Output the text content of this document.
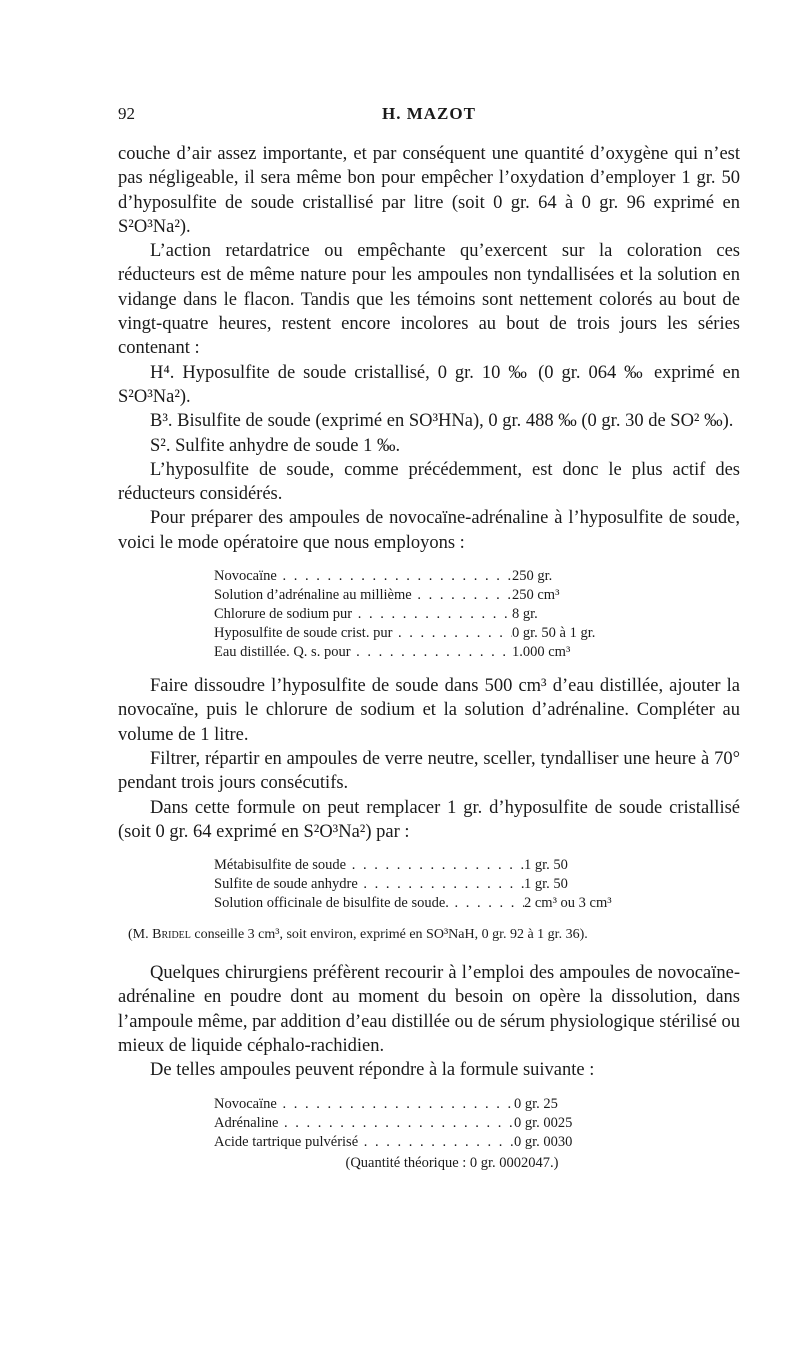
92	H. MAZOT

couche d’air assez importante, et par conséquent une quantité d’oxygène qui n’est pas négligeable, il sera même bon pour empêcher l’oxydation d’employer 1 gr. 50 d’hyposulfite de soude cristallisé par litre (soit 0 gr. 64 à 0 gr. 96 exprimé en S²O³Na²).

L’action retardatrice ou empêchante qu’exercent sur la coloration ces réducteurs est de même nature pour les ampoules non tyndallisées et la solution en vidange dans le flacon. Tandis que les témoins sont nettement colorés au bout de vingt-quatre heures, restent encore incolores au bout de trois jours les séries contenant :

H⁴. Hyposulfite de soude cristallisé, 0 gr. 10 ‰ (0 gr. 064 ‰ exprimé en S²O³Na²).

B³. Bisulfite de soude (exprimé en SO³HNa), 0 gr. 488 ‰ (0 gr. 30 de SO² ‰).

S². Sulfite anhydre de soude 1 ‰.

L’hyposulfite de soude, comme précédemment, est donc le plus actif des réducteurs considérés.

Pour préparer des ampoules de novocaïne-adrénaline à l’hyposulfite de soude, voici le mode opératoire que nous employons :

Novocaïne . . .	250 gr.
Solution d’adrénaline au millième . . .	250 cm³
Chlorure de sodium pur . . .	8 gr.
Hyposulfite de soude crist. pur . . .	0 gr. 50 à 1 gr.
Eau distillée. Q. s. pour . . .	1.000 cm³

Faire dissoudre l’hyposulfite de soude dans 500 cm³ d’eau distillée, ajouter la novocaïne, puis le chlorure de sodium et la solution d’adrénaline. Compléter au volume de 1 litre.

Filtrer, répartir en ampoules de verre neutre, sceller, tyndalliser une heure à 70° pendant trois jours consécutifs.

Dans cette formule on peut remplacer 1 gr. d’hyposulfite de soude cristallisé (soit 0 gr. 64 exprimé en S²O³Na²) par :

Métabisulfite de soude . . .	1 gr. 50
Sulfite de soude anhydre . . .	1 gr. 50
Solution officinale de bisulfite de soude. . . .	2 cm³ ou 3 cm³
(M. Bridel conseille 3 cm³, soit environ, exprimé en SO³NaH, 0 gr. 92 à 1 gr. 36).

Quelques chirurgiens préfèrent recourir à l’emploi des ampoules de novocaïne-adrénaline en poudre dont au moment du besoin on opère la dissolution, dans l’ampoule même, par addition d’eau distillée ou de sérum physiologique stérilisé ou mieux de liquide céphalo-rachidien.

De telles ampoules peuvent répondre à la formule suivante :

Novocaïne . . .	0 gr. 25
Adrénaline . . .	0 gr. 0025
Acide tartrique pulvérisé . . .	0 gr. 0030
(Quantité théorique : 0 gr. 0002047.)
